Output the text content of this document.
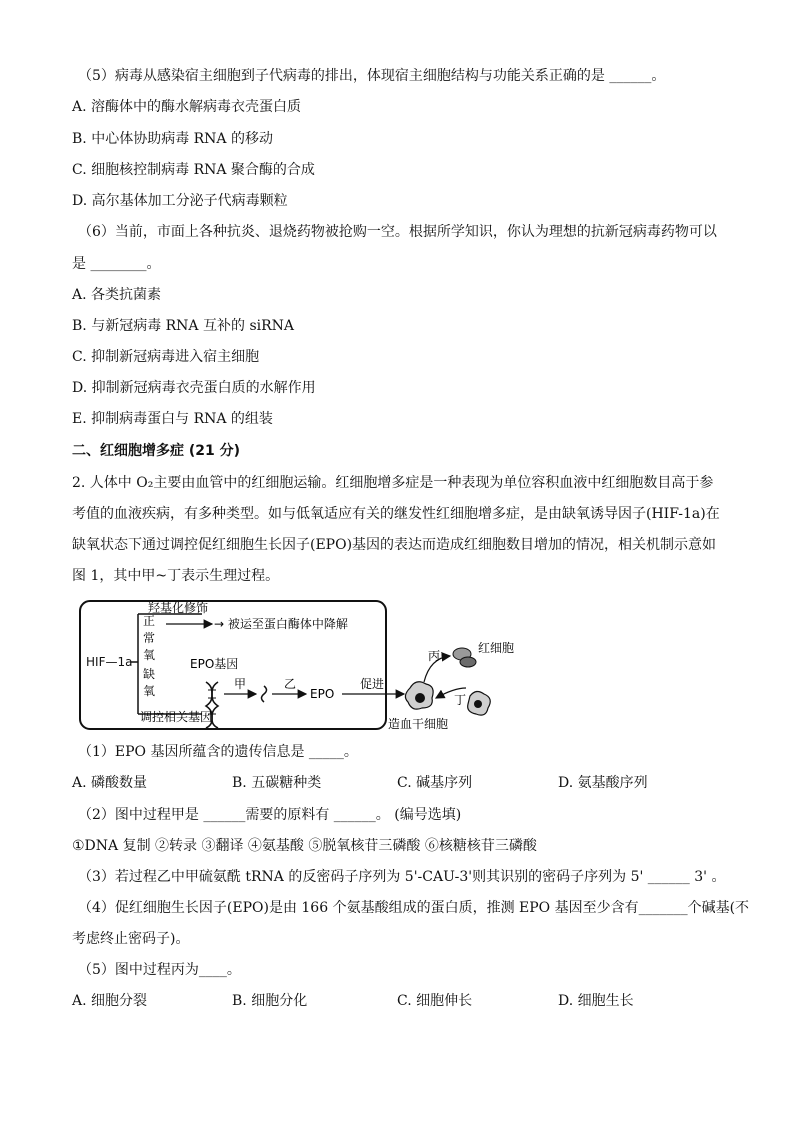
（5）病毒从感染宿主细胞到子代病毒的排出，体现宿主细胞结构与功能关系正确的是 ______。
A. 溶酶体中的酶水解病毒衣壳蛋白质
B. 中心体协助病毒 RNA 的移动
C. 细胞核控制病毒 RNA 聚合酶的合成
D. 高尔基体加工分泌子代病毒颗粒
（6）当前，市面上各种抗炎、退烧药物被抢购一空。根据所学知识，你认为理想的抗新冠病毒药物可以
是 ________。
A. 各类抗菌素
B. 与新冠病毒 RNA 互补的 siRNA
C. 抑制新冠病毒进入宿主细胞
D. 抑制新冠病毒衣壳蛋白质的水解作用
E. 抑制病毒蛋白与 RNA 的组装
二、红细胞增多症 (21 分)
2. 人体中 O₂主要由血管中的红细胞运输。红细胞增多症是一种表现为单位容积血液中红细胞数目高于参
考值的血液疾病，有多种类型。如与低氧适应有关的继发性红细胞增多症，是由缺氧诱导因子(HIF-1a)在
缺氧状态下通过调控促红细胞生长因子(EPO)基因的表达而造成红细胞数目增加的情况，相关机制示意如
图 1，其中甲~丁表示生理过程。
HIF—1a
正
常
氧
缺
氧
羟基化修饰
→ 被运至蛋白酶体中降解
EPO基因
调控相关基因
甲	乙
EPO
促进
丙
红细胞
丁
造血干细胞
（1）EPO 基因所蕴含的遗传信息是 _____。
A. 磷酸数量	B. 五碳糖种类	C. 碱基序列	D. 氨基酸序列
（2）图中过程甲是 ______需要的原料有 ______。 (编号选填)
①DNA 复制 ②转录 ③翻译 ④氨基酸 ⑤脱氧核苷三磷酸 ⑥核糖核苷三磷酸
（3）若过程乙中甲硫氨酰 tRNA 的反密码子序列为 5'-CAU-3'则其识别的密码子序列为 5' ______ 3' 。
（4）促红细胞生长因子(EPO)是由 166 个氨基酸组成的蛋白质，推测 EPO 基因至少含有_______个碱基(不
考虑终止密码子)。
（5）图中过程丙为____。
A. 细胞分裂	B. 细胞分化	C. 细胞伸长	D. 细胞生长
